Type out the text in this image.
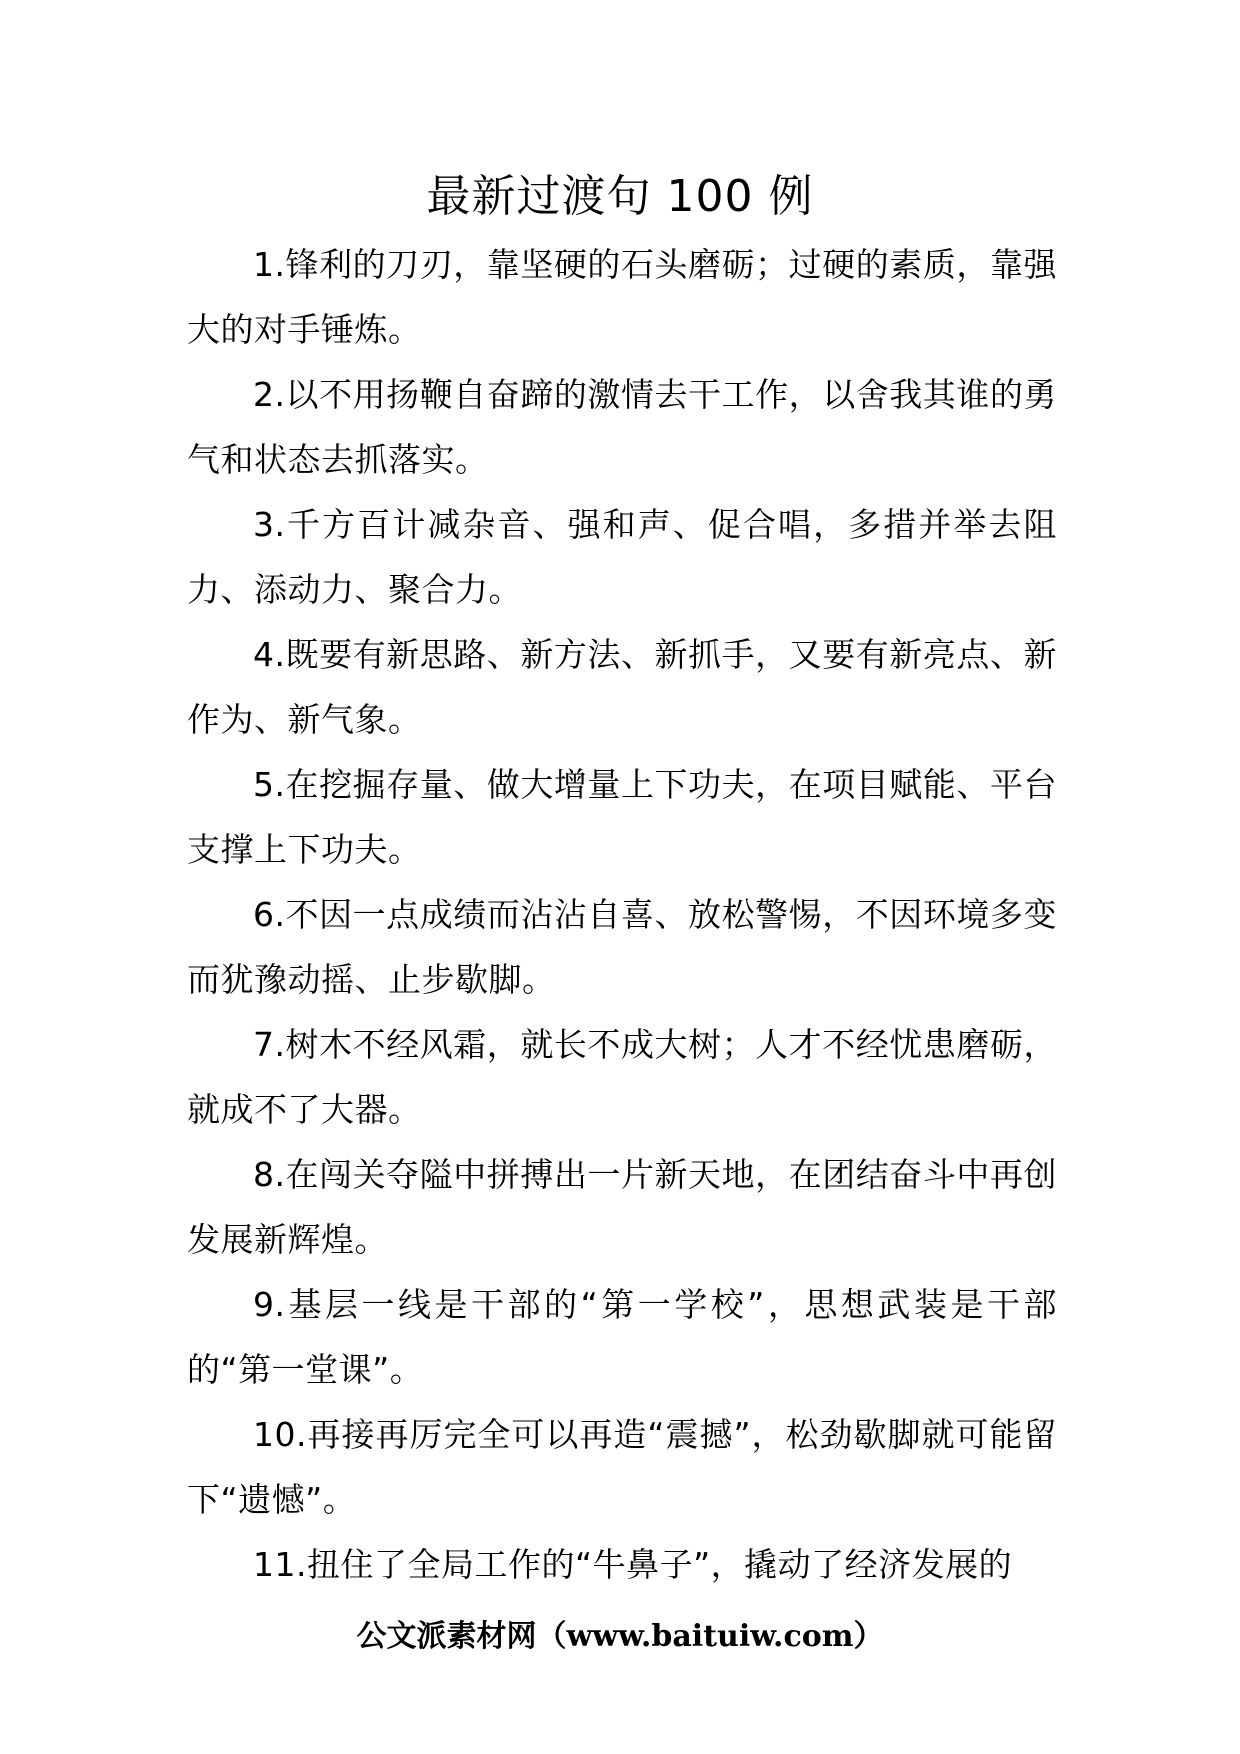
最新过渡句 100 例

1.锋利的刀刃，靠坚硬的石头磨砺；过硬的素质，靠强大的对手锤炼。

2.以不用扬鞭自奋蹄的激情去干工作，以舍我其谁的勇气和状态去抓落实。

3.千方百计减杂音、强和声、促合唱，多措并举去阻力、添动力、聚合力。

4.既要有新思路、新方法、新抓手，又要有新亮点、新作为、新气象。

5.在挖掘存量、做大增量上下功夫，在项目赋能、平台支撑上下功夫。

6.不因一点成绩而沾沾自喜、放松警惕，不因环境多变而犹豫动摇、止步歇脚。

7.树木不经风霜，就长不成大树；人才不经忧患磨砺，就成不了大器。

8.在闯关夺隘中拼搏出一片新天地，在团结奋斗中再创发展新辉煌。

9.基层一线是干部的“第一学校”，思想武装是干部的“第一堂课”。

10.再接再厉完全可以再造“震撼”，松劲歇脚就可能留下“遗憾”。

11.扭住了全局工作的“牛鼻子”，撬动了经济发展的

公文派素材网（www.baituiw.com）
